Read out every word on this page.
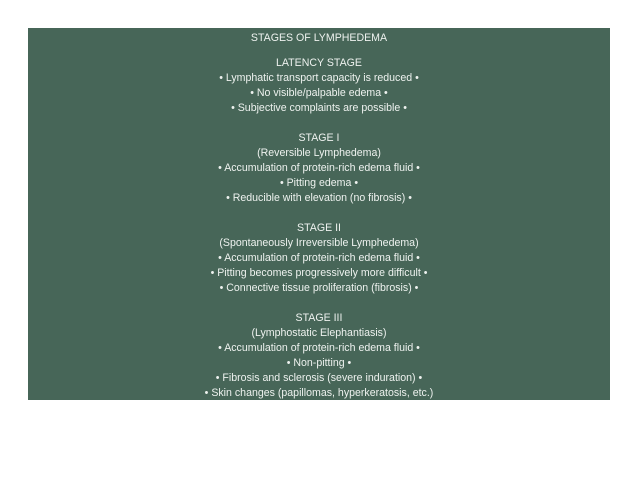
STAGES OF LYMPHEDEMA
LATENCY STAGE
• Lymphatic transport capacity is reduced •
• No visible/palpable edema •
• Subjective complaints are possible •
STAGE I
(Reversible Lymphedema)
• Accumulation of protein-rich edema fluid •
• Pitting edema •
• Reducible with elevation (no fibrosis) •
STAGE II
(Spontaneously Irreversible Lymphedema)
• Accumulation of protein-rich edema fluid •
• Pitting becomes progressively more difficult •
• Connective tissue proliferation (fibrosis) •
STAGE III
(Lymphostatic Elephantiasis)
• Accumulation of protein-rich edema fluid •
• Non-pitting •
• Fibrosis and sclerosis (severe induration) •
• Skin changes (papillomas, hyperkeratosis, etc.)
